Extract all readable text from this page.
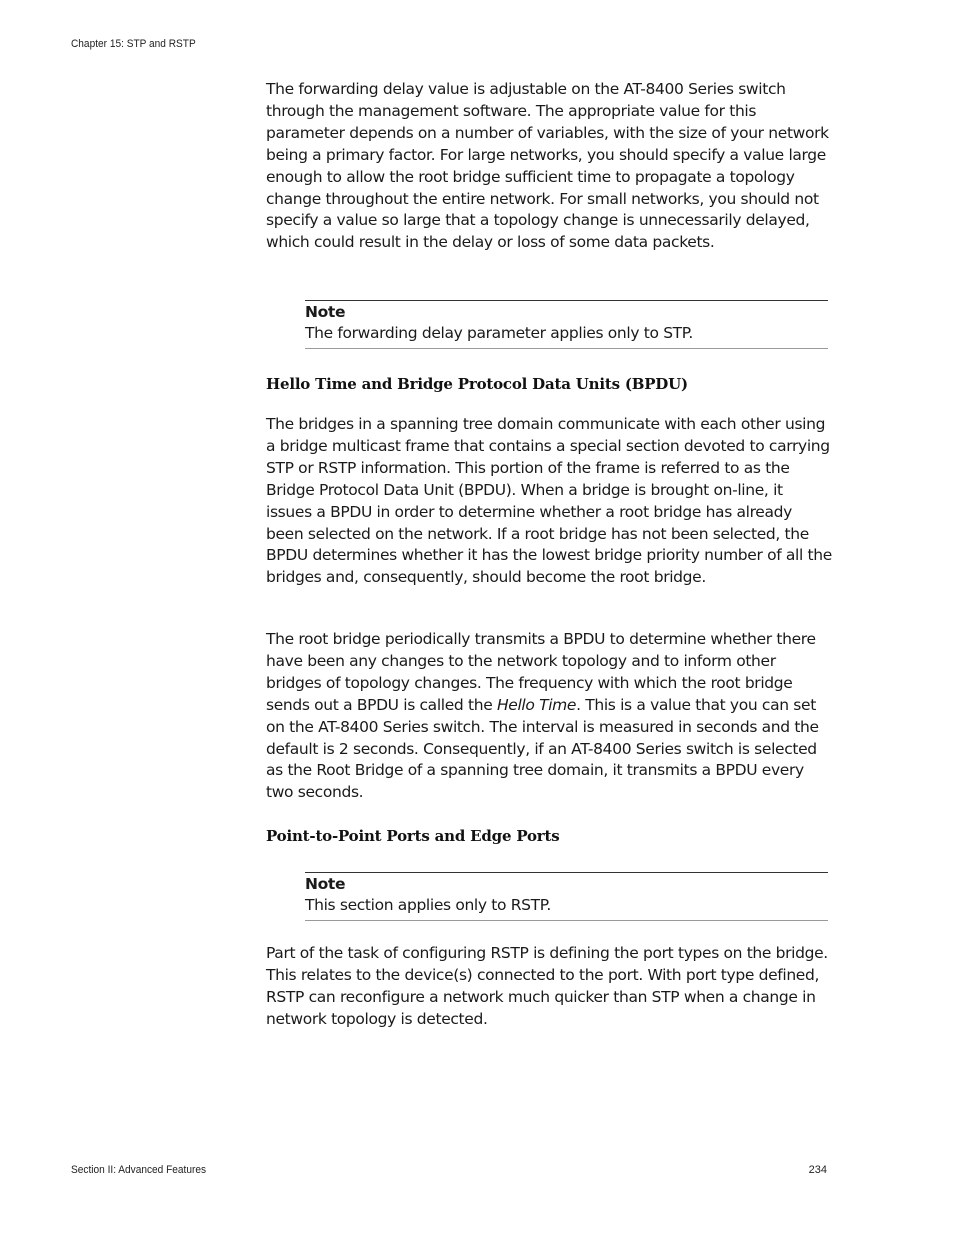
Chapter 15: STP and RSTP

The forwarding delay value is adjustable on the AT-8400 Series switch through the management software. The appropriate value for this parameter depends on a number of variables, with the size of your network being a primary factor. For large networks, you should specify a value large enough to allow the root bridge sufficient time to propagate a topology change throughout the entire network. For small networks, you should not specify a value so large that a topology change is unnecessarily delayed, which could result in the delay or loss of some data packets.

Note
The forwarding delay parameter applies only to STP.
Hello Time and Bridge Protocol Data Units (BPDU)

The bridges in a spanning tree domain communicate with each other using a bridge multicast frame that contains a special section devoted to carrying STP or RSTP information. This portion of the frame is referred to as the Bridge Protocol Data Unit (BPDU). When a bridge is brought on-line, it issues a BPDU in order to determine whether a root bridge has already been selected on the network. If a root bridge has not been selected, the BPDU determines whether it has the lowest bridge priority number of all the bridges and, consequently, should become the root bridge.

The root bridge periodically transmits a BPDU to determine whether there have been any changes to the network topology and to inform other bridges of topology changes. The frequency with which the root bridge sends out a BPDU is called the Hello Time. This is a value that you can set on the AT-8400 Series switch. The interval is measured in seconds and the default is 2 seconds. Consequently, if an AT-8400 Series switch is selected as the Root Bridge of a spanning tree domain, it transmits a BPDU every two seconds.

Point-to-Point Ports and Edge Ports
Note
This section applies only to RSTP.

Part of the task of configuring RSTP is defining the port types on the bridge. This relates to the device(s) connected to the port. With port type defined, RSTP can reconfigure a network much quicker than STP when a change in network topology is detected.

Section II: Advanced Features	234
